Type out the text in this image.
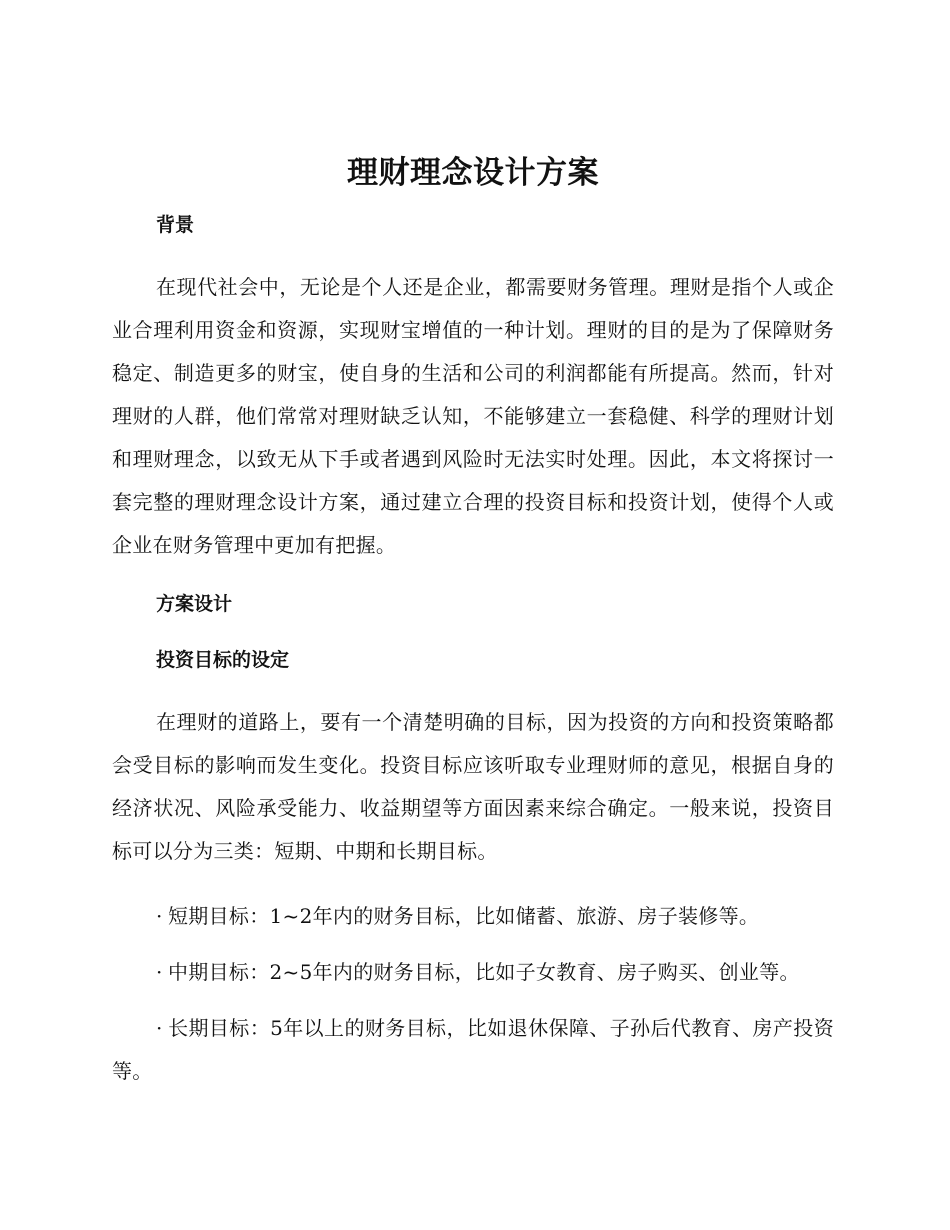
理财理念设计方案
背景

在现代社会中，无论是个人还是企业，都需要财务管理。理财是指个人或企业合理利用资金和资源，实现财宝增值的一种计划。理财的目的是为了保障财务稳定、制造更多的财宝，使自身的生活和公司的利润都能有所提高。然而，针对理财的人群，他们常常对理财缺乏认知，不能够建立一套稳健、科学的理财计划和理财理念，以致无从下手或者遇到风险时无法实时处理。因此，本文将探讨一套完整的理财理念设计方案，通过建立合理的投资目标和投资计划，使得个人或企业在财务管理中更加有把握。

方案设计
投资目标的设定

在理财的道路上，要有一个清楚明确的目标，因为投资的方向和投资策略都会受目标的影响而发生变化。投资目标应该听取专业理财师的意见，根据自身的经济状况、风险承受能力、收益期望等方面因素来综合确定。一般来说，投资目标可以分为三类：短期、中期和长期目标。

· 短期目标：1~2年内的财务目标，比如储蓄、旅游、房子装修等。

· 中期目标：2~5年内的财务目标，比如子女教育、房子购买、创业等。

· 长期目标：5年以上的财务目标，比如退休保障、子孙后代教育、房产投资等。
